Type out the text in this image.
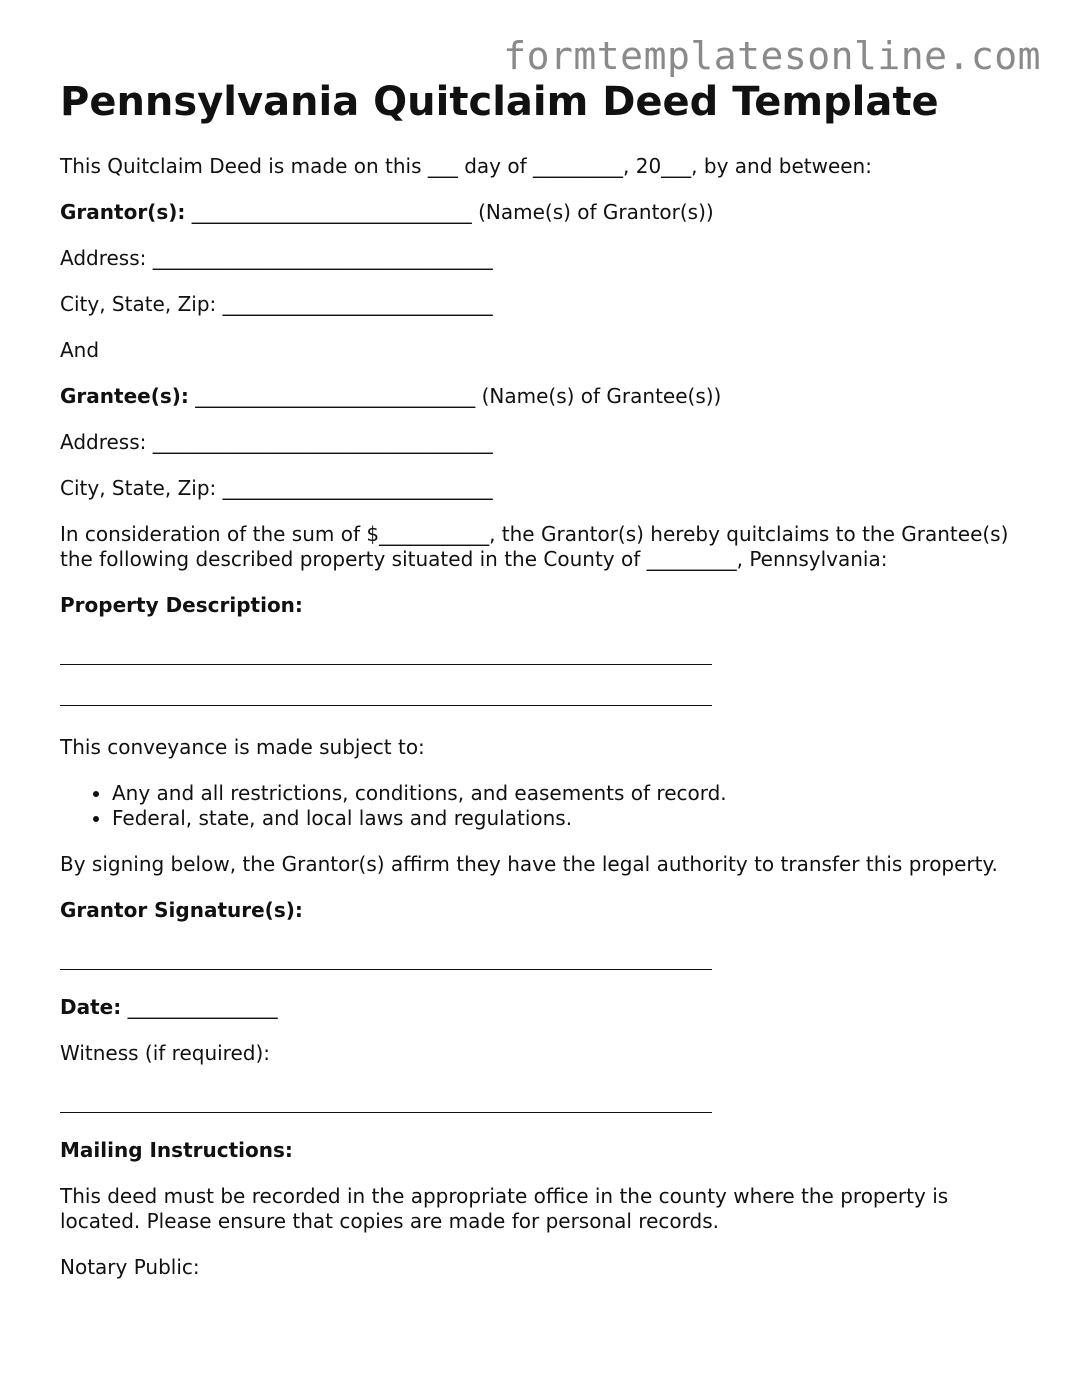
formtemplatesonline.com
Pennsylvania Quitclaim Deed Template

This Quitclaim Deed is made on this ___ day of _________, 20___, by and between:

Grantor(s): ____________________________ (Name(s) of Grantor(s))

Address: __________________________________

City, State, Zip: ___________________________

And

Grantee(s): ____________________________ (Name(s) of Grantee(s))

Address: __________________________________

City, State, Zip: ___________________________

In consideration of the sum of $___________, the Grantor(s) hereby quitclaims to the Grantee(s) the following described property situated in the County of _________, Pennsylvania:

Property Description:

This conveyance is made subject to:

• Any and all restrictions, conditions, and easements of record.
• Federal, state, and local laws and regulations.

By signing below, the Grantor(s) affirm they have the legal authority to transfer this property.

Grantor Signature(s):

Date: _______________

Witness (if required):

Mailing Instructions:

This deed must be recorded in the appropriate office in the county where the property is located. Please ensure that copies are made for personal records.

Notary Public:
